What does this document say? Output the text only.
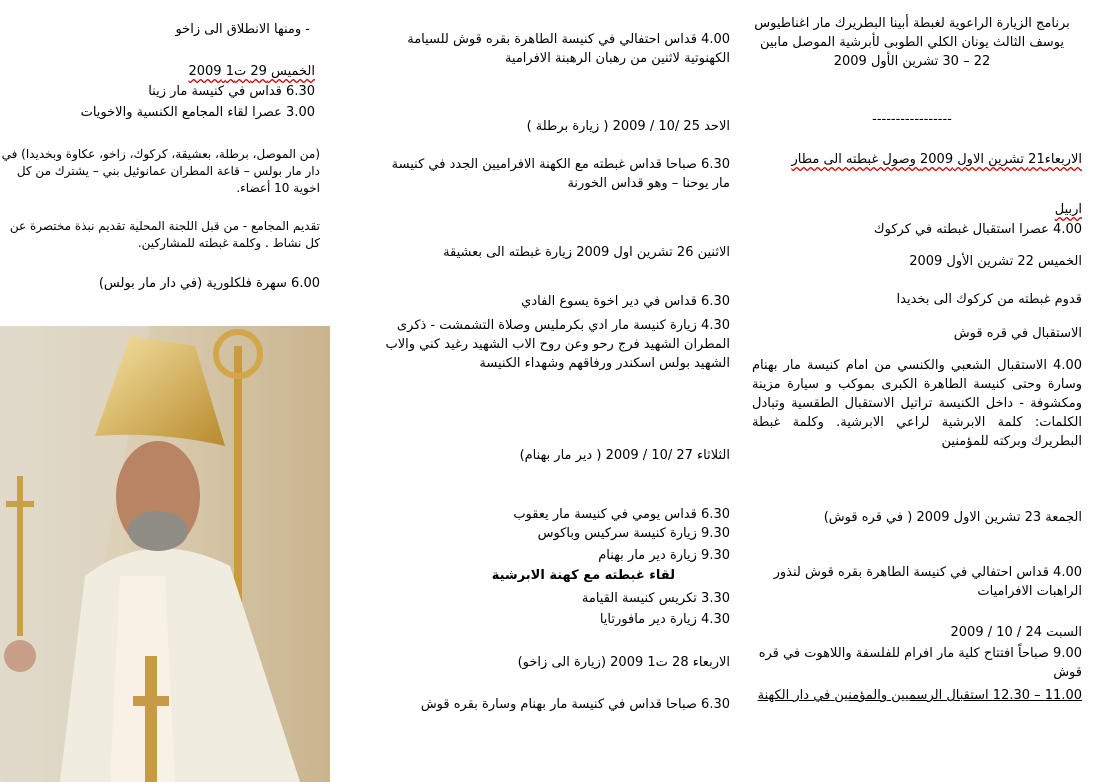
برنامج الزيارة الراعوية لغبطة أبينا البطريرك مار اغناطيوس يوسف الثالث يونان الكلي الطوبى لأبرشية الموصل مابين 22 – 30 تشرين الأول 2009
-----------------
الاربعاء21 تشرين الاول 2009 وصول غبطته الى مطار
اربيل
4.00 عصرا استقبال غبطته في كركوك
الخميس 22 تشرين الأول 2009
قدوم غبطته من كركوك الى بخديدا
الاستقبال في قره قوش
4.00 الاستقبال الشعبي والكنسي من امام كنيسة مار بهنام وسارة وحتى كنيسة الطاهرة الكبرى بموكب و سيارة مزينة ومكشوفة - داخل الكنيسة تراتيل الاستقبال الطقسية وتبادل الكلمات: كلمة الابرشية لراعي الابرشية. وكلمة غبطة البطريرك وبركته للمؤمنين
الجمعة 23 تشرين الاول 2009 ( في قره قوش)
4.00 قداس احتفالي في كنيسة الطاهرة بقره قوش لنذور الراهبات الافراميات
السبت 24 / 10 / 2009
9.00 صباحاً افتتاح كلية مار افرام للفلسفة واللاهوت في قره قوش
11.00 – 12.30 استقبال الرسميين والمؤمنين في دار الكهنة
4.00 قداس احتفالي في كنيسة الطاهرة بقره قوش للسيامة الكهنوتية لاثنين من رهبان الرهبنة الافرامية
الاحد 25 /10 / 2009 ( زيارة برطلة )
6.30 صباحا قداس غبطته مع الكهنة الافراميين الجدد في كنيسة مار يوحنا – وهو قداس الخورنة
الاثنين 26 تشرين اول 2009 زيارة غبطته الى بعشيقة
6.30 قداس في دير اخوة يسوع الفادي
4.30 زيارة كنيسة مار ادي بكرمليس وصلاة التشمشت - ذكرى المطران الشهيد فرج رحو وعن روح الاب الشهيد رغيد كني والاب الشهيد بولس اسكندر ورفاقهم وشهداء الكنيسة
الثلاثاء 27 /10 / 2009 ( دير مار بهنام)
6.30 قداس يومي في كنيسة مار يعقوب
9.30 زيارة كنيسة سركيس وباكوس
9.30 زيارة دير مار بهنام
لقاء غبطته مع كهنة الابرشية
3.30 تكريس كنيسة القيامة
4.30 زيارة دير مافورتايا
الاربعاء 28 ت1 2009 (زيارة الى زاخو)
6.30 صباحا قداس في كنيسة مار بهنام وسارة بقره قوش
- ومنها الانطلاق الى زاخو
الخميس 29 ت1 2009
6.30 قداس في كنيسة مار زينا
3.00 عصرا لقاء المجامع الكنسية والاخويات
(من الموصل، برطلة، بعشيقة، كركوك، زاخو، عكاوة وبخديدا) في دار مار بولس – قاعة المطران عمانوئيل بني – يشترك من كل اخوية 10 أعضاء.
تقديم المجامع - من قبل اللجنة المحلية تقديم نبذة مختصرة عن كل نشاط . وكلمة غبطته للمشاركين.
6.00 سهرة فلكلورية (في دار مار بولس)
